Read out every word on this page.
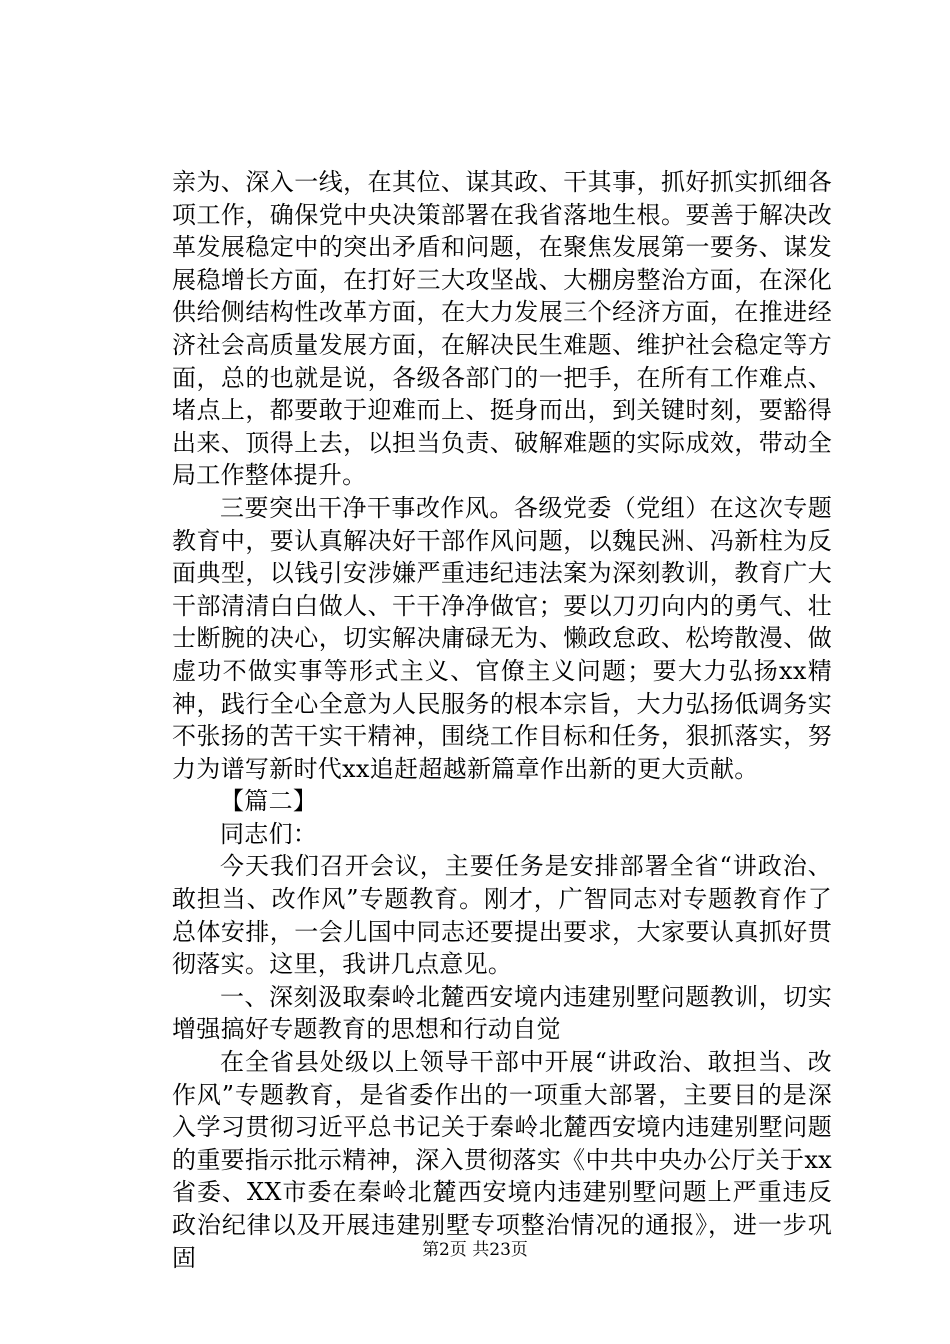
亲为、深入一线，在其位、谋其政、干其事，抓好抓实抓细各项工作，确保党中央决策部署在我省落地生根。要善于解决改革发展稳定中的突出矛盾和问题，在聚焦发展第一要务、谋发展稳增长方面，在打好三大攻坚战、大棚房整治方面，在深化供给侧结构性改革方面，在大力发展三个经济方面，在推进经济社会高质量发展方面，在解决民生难题、维护社会稳定等方面，总的也就是说，各级各部门的一把手，在所有工作难点、堵点上，都要敢于迎难而上、挺身而出，到关键时刻，要豁得出来、顶得上去，以担当负责、破解难题的实际成效，带动全局工作整体提升。

三要突出干净干事改作风。各级党委（党组）在这次专题教育中，要认真解决好干部作风问题，以魏民洲、冯新柱为反面典型，以钱引安涉嫌严重违纪违法案为深刻教训，教育广大干部清清白白做人、干干净净做官；要以刀刃向内的勇气、壮士断腕的决心，切实解决庸碌无为、懒政怠政、松垮散漫、做虚功不做实事等形式主义、官僚主义问题；要大力弘扬xx精神，践行全心全意为人民服务的根本宗旨，大力弘扬低调务实不张扬的苦干实干精神，围绕工作目标和任务，狠抓落实，努力为谱写新时代xx追赶超越新篇章作出新的更大贡献。

【篇二】

同志们：

今天我们召开会议，主要任务是安排部署全省“讲政治、敢担当、改作风”专题教育。刚才，广智同志对专题教育作了总体安排，一会儿国中同志还要提出要求，大家要认真抓好贯彻落实。这里，我讲几点意见。

一、深刻汲取秦岭北麓西安境内违建别墅问题教训，切实增强搞好专题教育的思想和行动自觉

在全省县处级以上领导干部中开展“讲政治、敢担当、改作风”专题教育，是省委作出的一项重大部署，主要目的是深入学习贯彻习近平总书记关于秦岭北麓西安境内违建别墅问题的重要指示批示精神，深入贯彻落实《中共中央办公厅关于xx省委、XX市委在秦岭北麓西安境内违建别墅问题上严重违反政治纪律以及开展违建别墅专项整治情况的通报》，进一步巩固	第2页 共23页
